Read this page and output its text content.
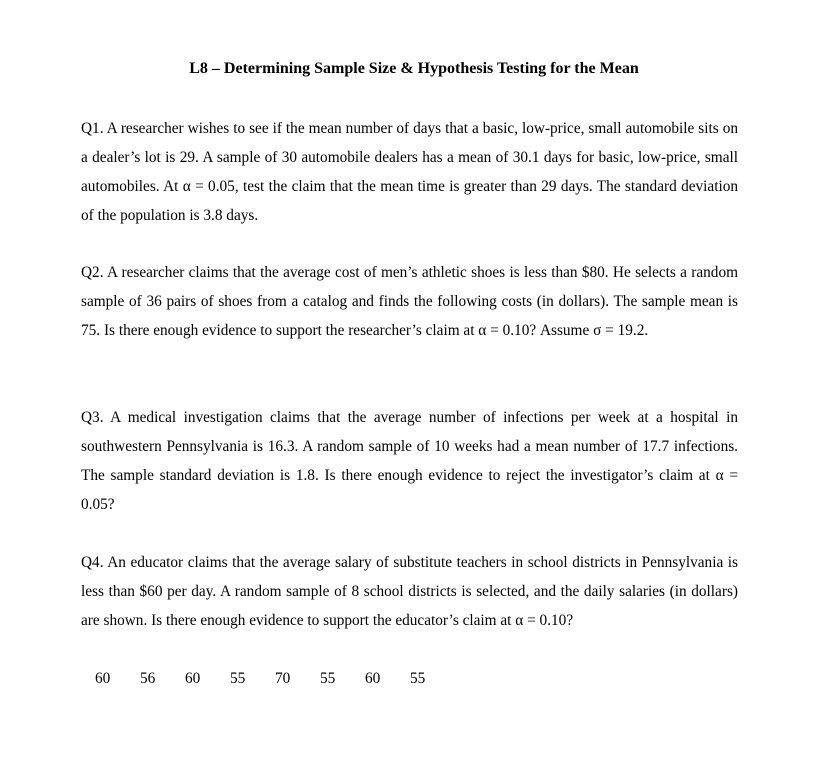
L8 – Determining Sample Size & Hypothesis Testing for the Mean

Q1. A researcher wishes to see if the mean number of days that a basic, low-price, small automobile sits on a dealer’s lot is 29. A sample of 30 automobile dealers has a mean of 30.1 days for basic, low-price, small automobiles. At α = 0.05, test the claim that the mean time is greater than 29 days. The standard deviation of the population is 3.8 days.

Q2. A researcher claims that the average cost of men’s athletic shoes is less than $80. He selects a random sample of 36 pairs of shoes from a catalog and finds the following costs (in dollars). The sample mean is 75. Is there enough evidence to support the researcher’s claim at α = 0.10? Assume σ = 19.2.

Q3. A medical investigation claims that the average number of infections per week at a hospital in southwestern Pennsylvania is 16.3. A random sample of 10 weeks had a mean number of 17.7 infections. The sample standard deviation is 1.8. Is there enough evidence to reject the investigator’s claim at α = 0.05?

Q4. An educator claims that the average salary of substitute teachers in school districts in Pennsylvania is less than $60 per day. A random sample of 8 school districts is selected, and the daily salaries (in dollars) are shown. Is there enough evidence to support the educator’s claim at α = 0.10?

60 56 60 55 70 55 60 55
